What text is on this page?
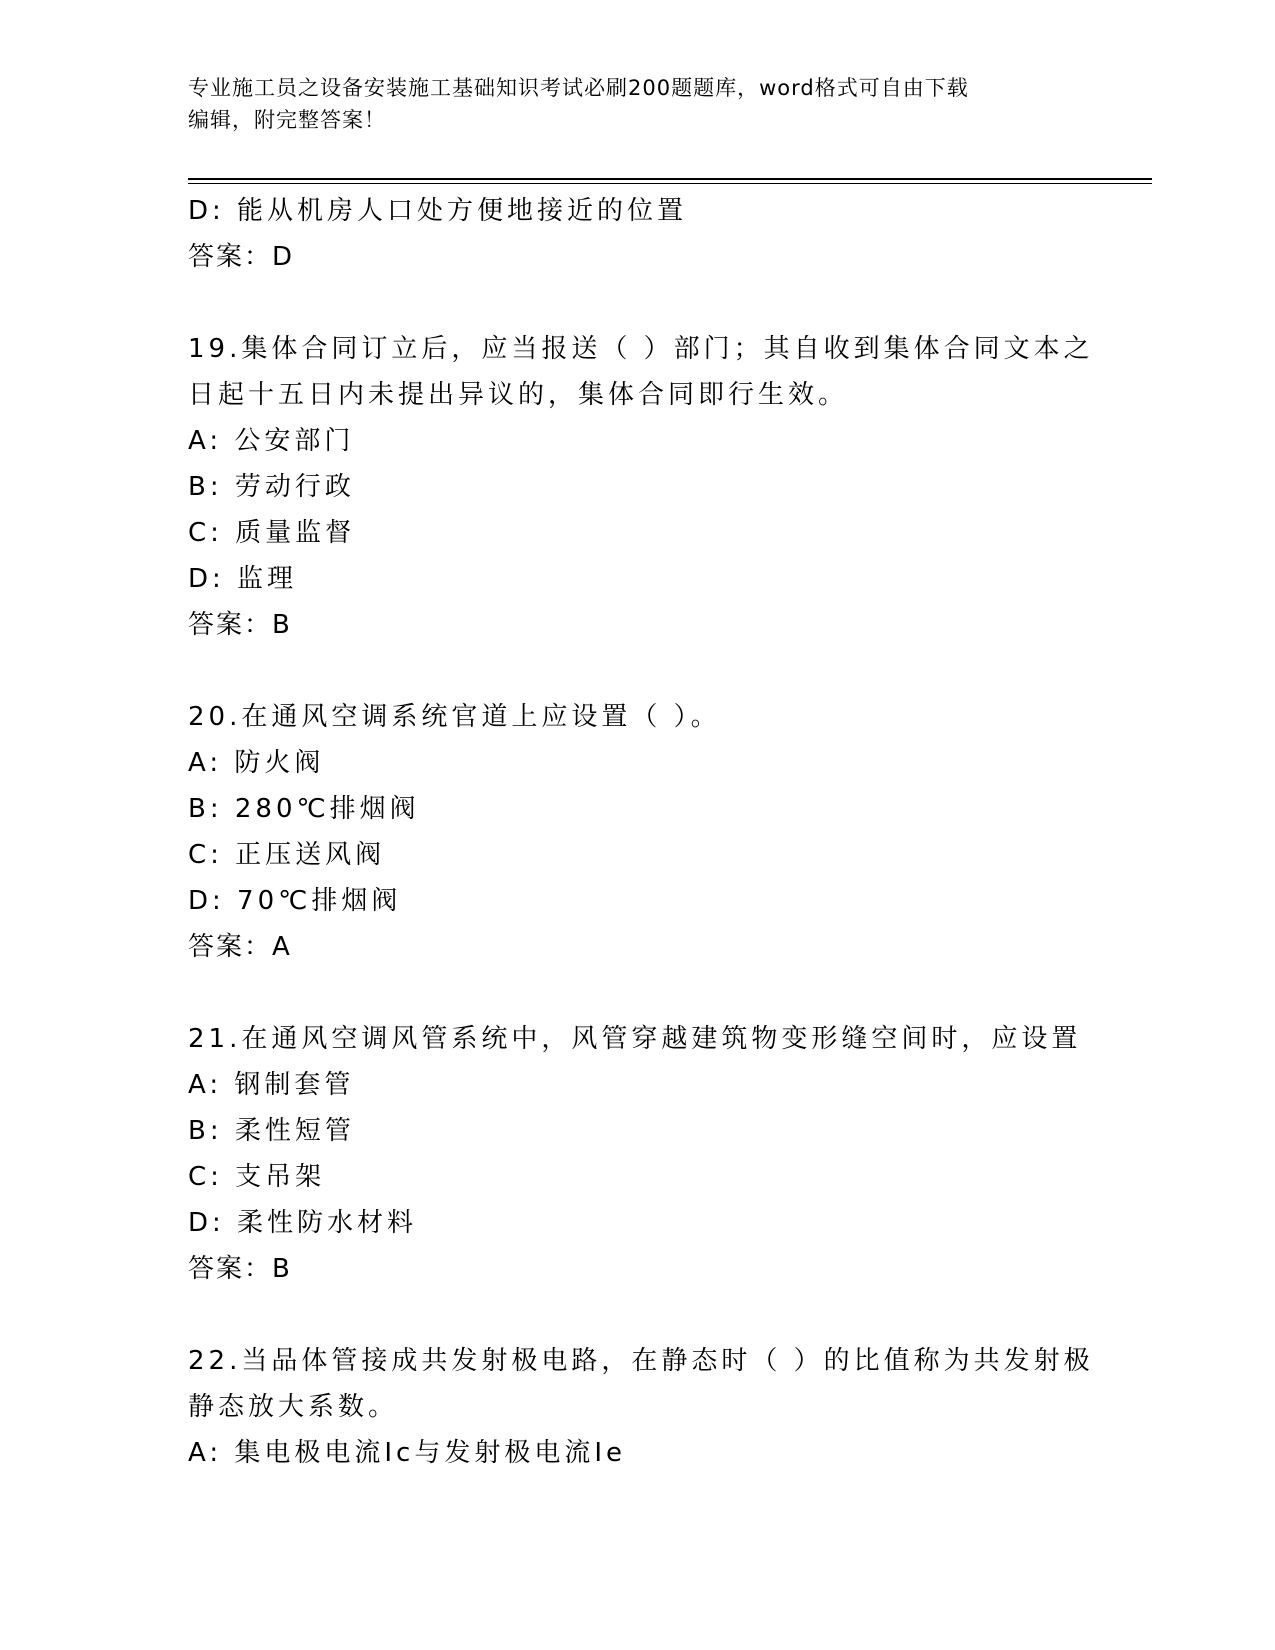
专业施工员之设备安装施工基础知识考试必刷200题题库，word格式可自由下载
编辑，附完整答案！
D: 能从机房人口处方便地接近的位置
答案：D
19.集体合同订立后，应当报送（ ）部门；其自收到集体合同文本之
日起十五日内未提出异议的，集体合同即行生效。
A: 公安部门
B: 劳动行政
C: 质量监督
D: 监理
答案：B
20.在通风空调系统官道上应设置（ ）。
A: 防火阀
B: 280℃排烟阀
C: 正压送风阀
D: 70℃排烟阀
答案：A
21.在通风空调风管系统中，风管穿越建筑物变形缝空间时，应设置
A: 钢制套管
B: 柔性短管
C: 支吊架
D: 柔性防水材料
答案：B
22.当品体管接成共发射极电路，在静态时（ ）的比值称为共发射极
静态放大系数。
A: 集电极电流Ic与发射极电流Ie
